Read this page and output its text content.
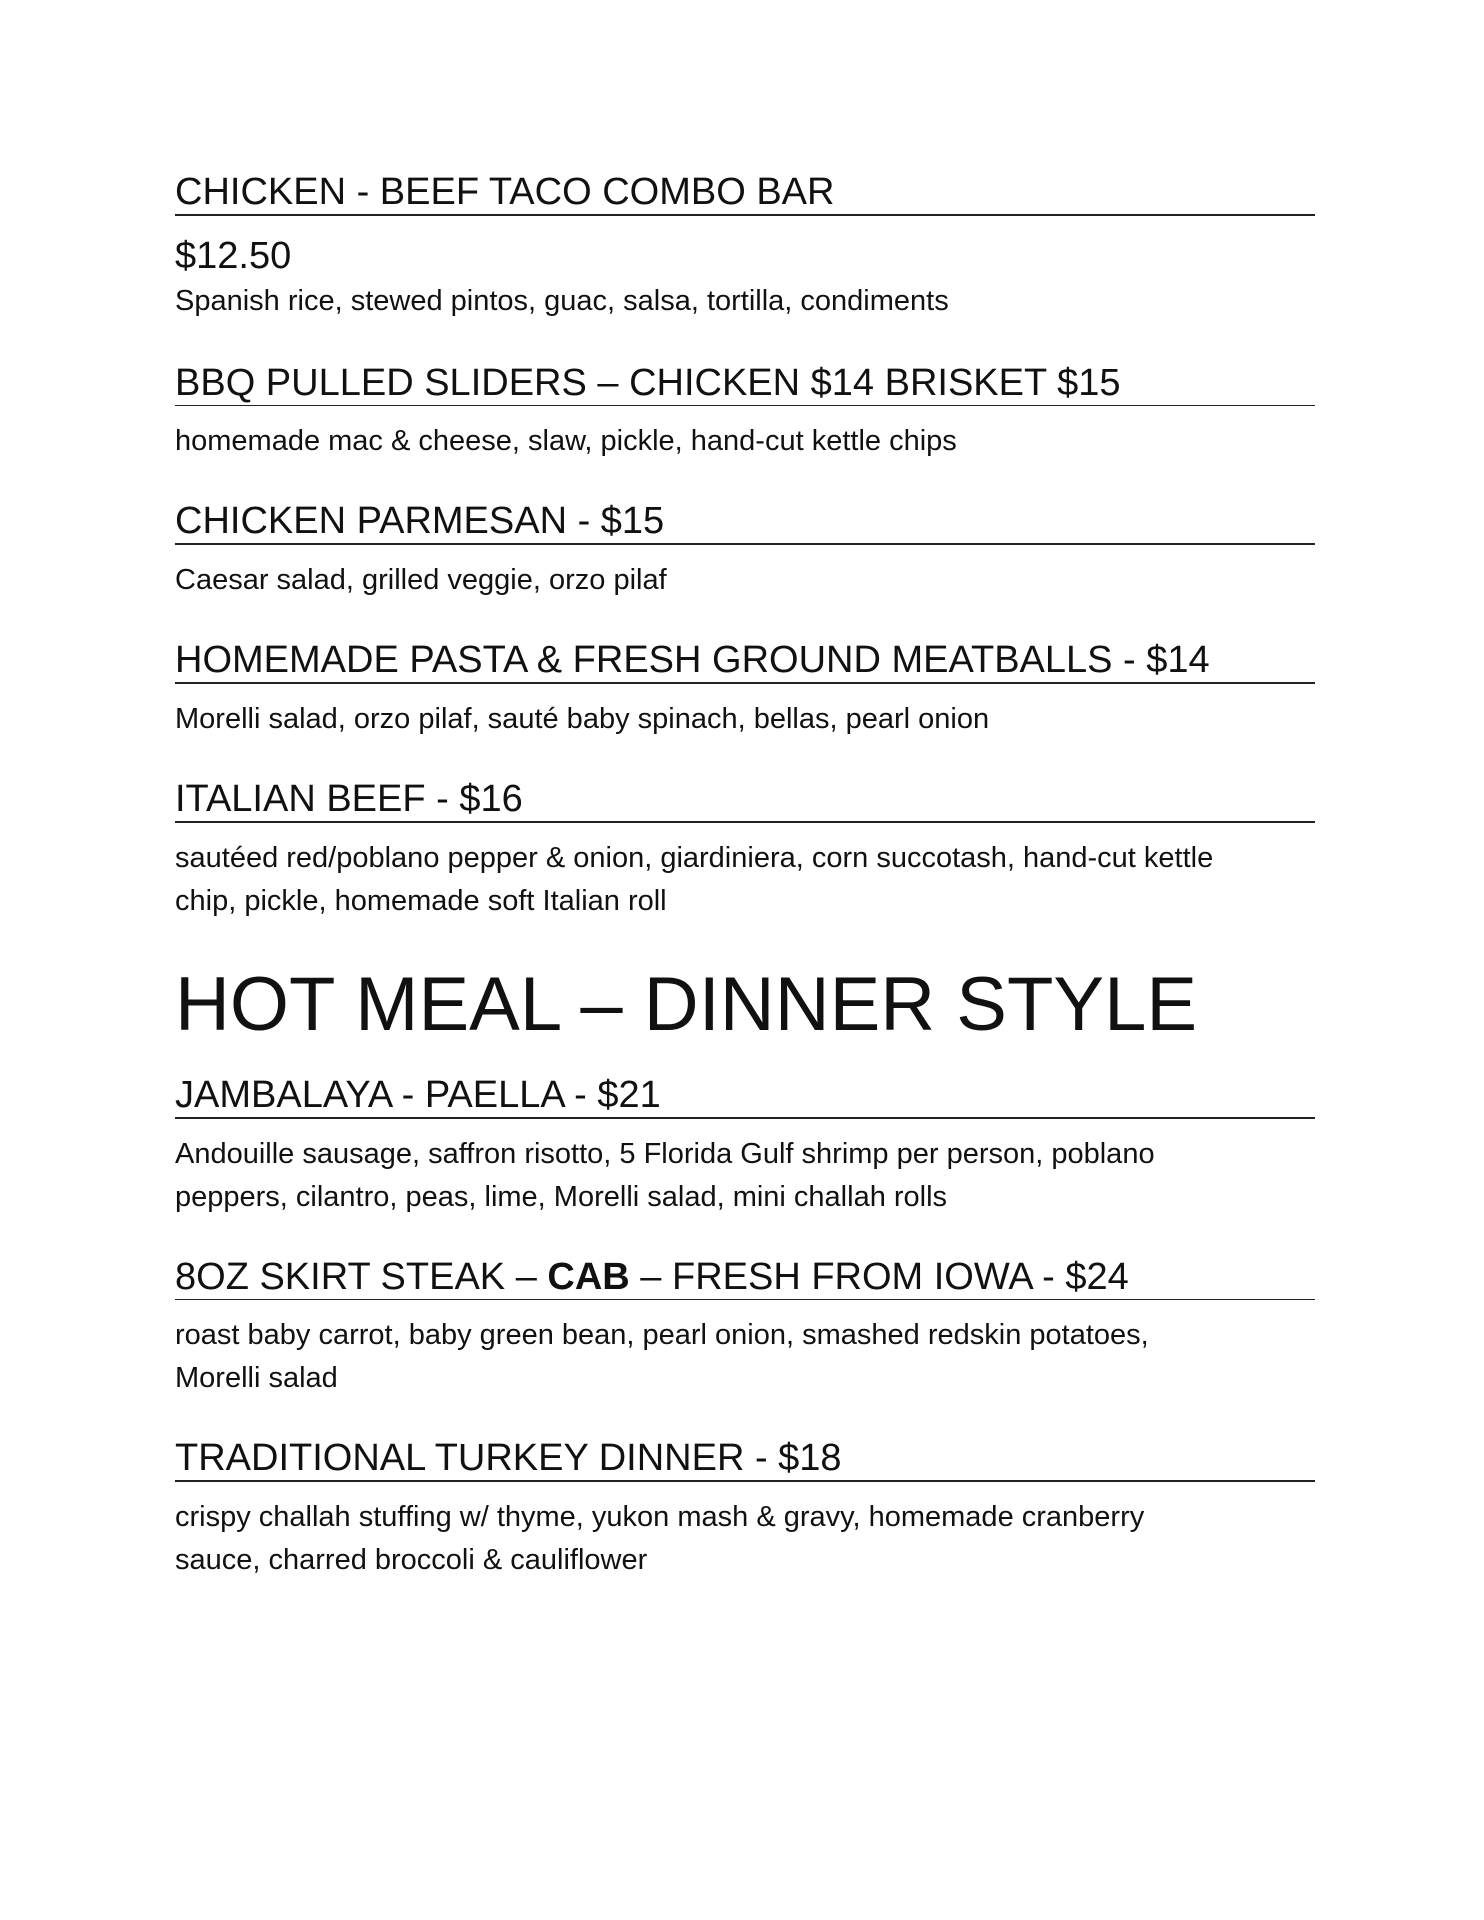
CHICKEN - BEEF TACO COMBO BAR
$12.50
Spanish rice, stewed pintos, guac, salsa, tortilla, condiments
BBQ PULLED SLIDERS – CHICKEN $14 BRISKET $15
homemade mac & cheese, slaw, pickle, hand-cut kettle chips
CHICKEN PARMESAN - $15
Caesar salad, grilled veggie, orzo pilaf
HOMEMADE PASTA & FRESH GROUND MEATBALLS - $14
Morelli salad, orzo pilaf, sauté baby spinach, bellas, pearl onion
ITALIAN BEEF - $16
sautéed red/poblano pepper & onion, giardiniera, corn succotash, hand-cut kettle
chip, pickle, homemade soft Italian roll
HOT MEAL – DINNER STYLE
JAMBALAYA - PAELLA - $21
Andouille sausage, saffron risotto, 5 Florida Gulf shrimp per person, poblano
peppers, cilantro, peas, lime, Morelli salad, mini challah rolls
8OZ SKIRT STEAK – CAB – FRESH FROM IOWA - $24
roast baby carrot, baby green bean, pearl onion, smashed redskin potatoes,
Morelli salad
TRADITIONAL TURKEY DINNER - $18
crispy challah stuffing w/ thyme, yukon mash & gravy, homemade cranberry
sauce, charred broccoli & cauliflower
